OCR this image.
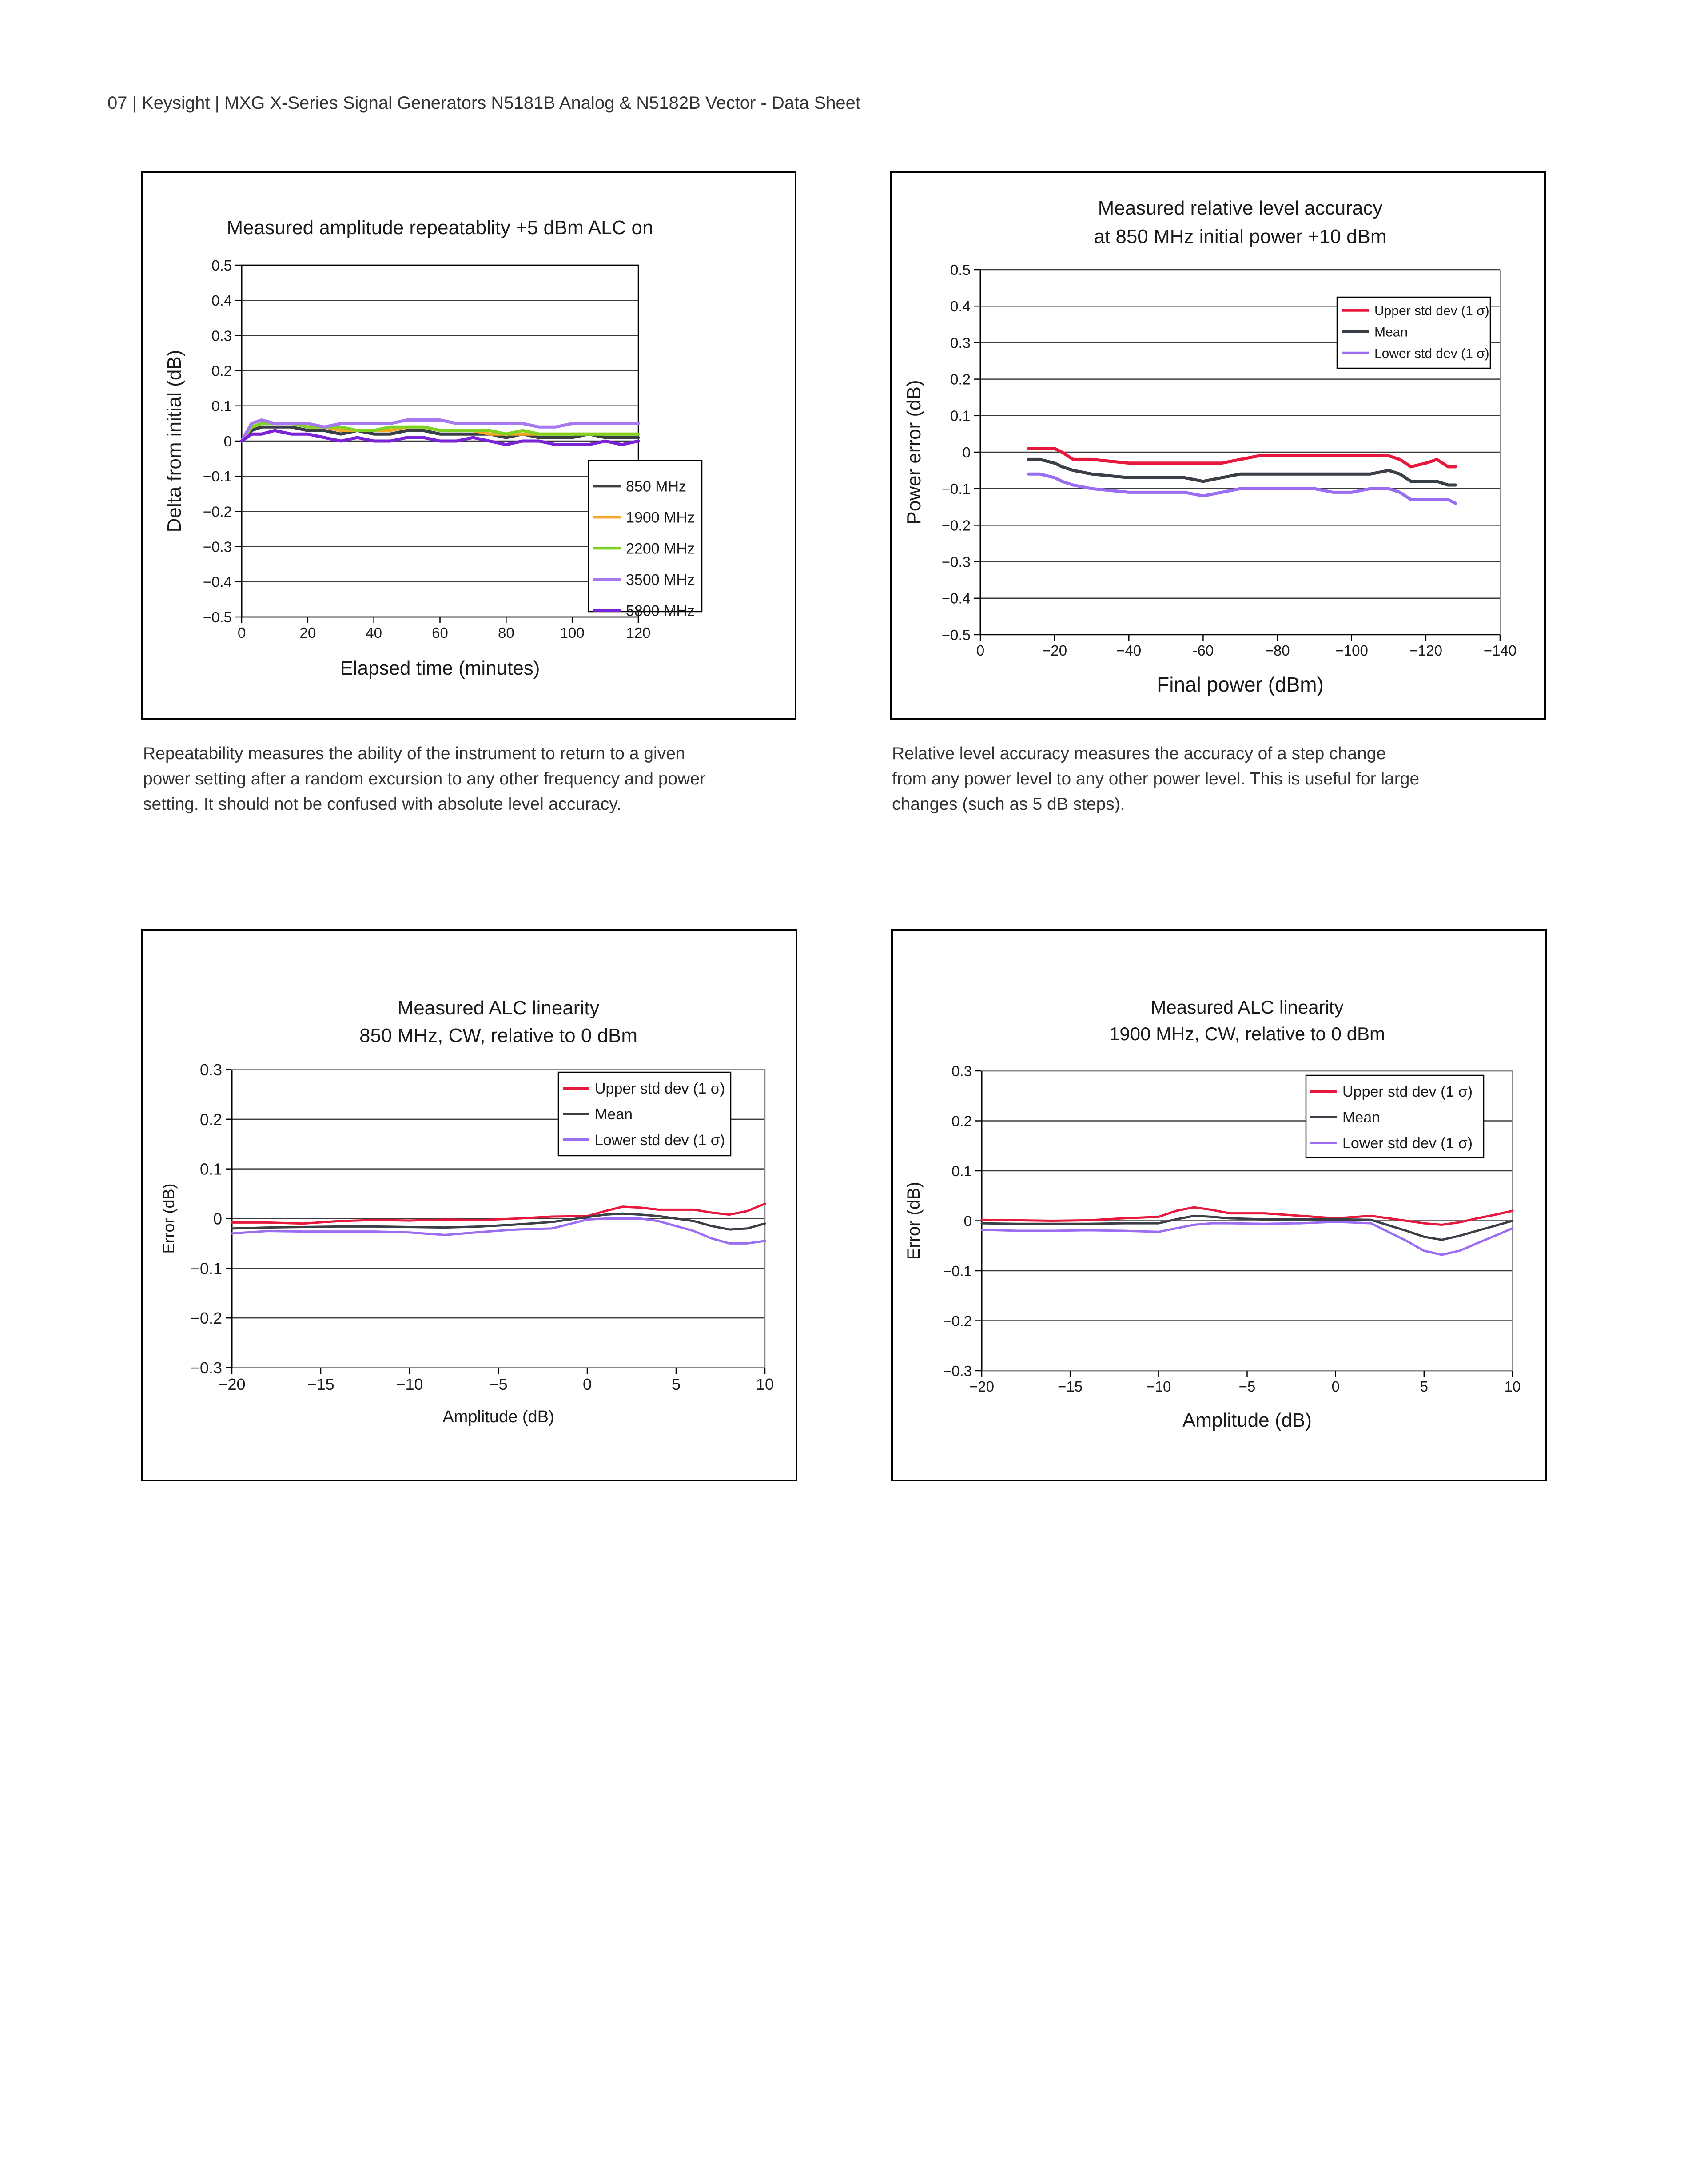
07 | Keysight | MXG X-Series Signal Generators N5181B Analog & N5182B Vector - Data Sheet
0.5
0.4
0.3
0.2
0.1
0
−0.1
−0.2
−0.3
−0.4
−0.5
0	20	40	60	80	100	120
Measured amplitude repeatablity +5 dBm ALC on
Elapsed time (minutes)
Delta from initial (dB)	850 MHz
1900 MHz
2200 MHz
3500 MHz
5800 MHz
0.5
0.4
0.3
0.2
0.1
0
−0.1
−0.2
−0.3
−0.4
−0.5
0	−20	−40	-60	−80	−100	−120	−140
Measured relative level accuracy
at 850 MHz initial power +10 dBm
Final power (dBm)
Power error (dB)
Upper std dev (1 σ)
Mean
Lower std dev (1 σ)

Repeatability measures the ability of the instrument to return to a given

power setting after a random excursion to any other frequency and power

setting. It should not be confused with absolute level accuracy.

Relative level accuracy measures the accuracy of a step change

from any power level to any other power level. This is useful for large

changes (such as 5 dB steps).

0.3
0.2
0.1
0
−0.1
−0.2
−0.3
−20	−15	−10	−5	0	5	10
Measured ALC linearity
850 MHz, CW, relative to 0 dBm
Amplitude (dB)
Error (dB)
Upper std dev (1 σ)
Mean
Lower std dev (1 σ)
0.3
0.2
0.1
0
−0.1
−0.2
−0.3
−20	−15	−10	−5	0	5	10
Measured ALC linearity
1900 MHz, CW, relative to 0 dBm
Amplitude (dB)
Error (dB)
Upper std dev (1 σ)
Mean
Lower std dev (1 σ)
